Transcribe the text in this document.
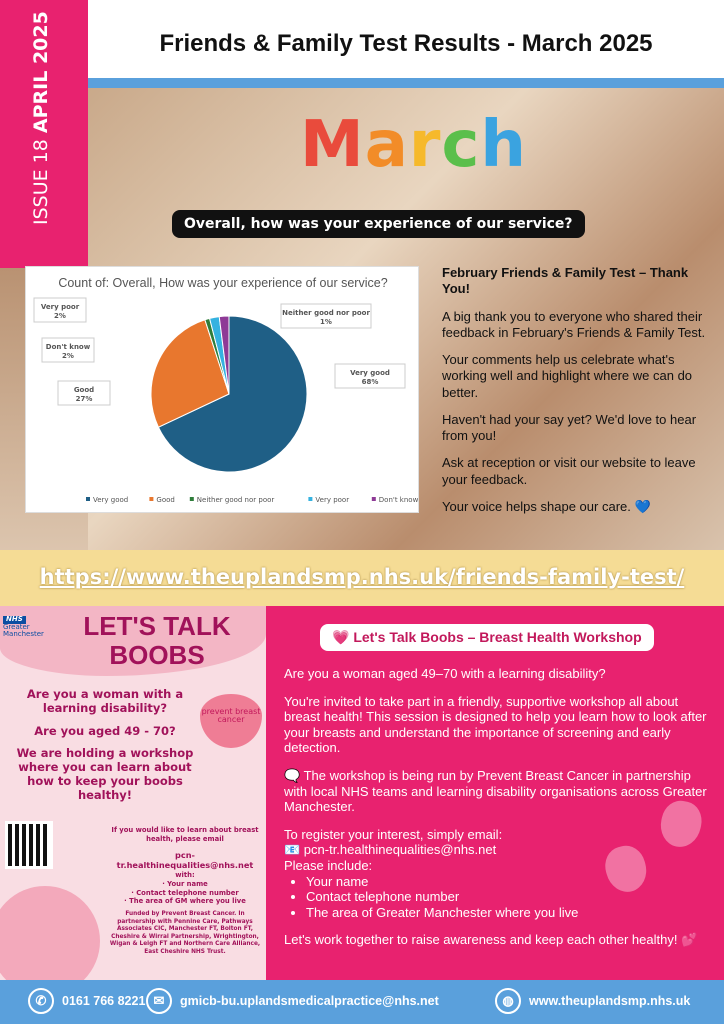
ISSUE 18 APRIL 2025	Friends & Family Test Results - March 2025
March
Overall, how was your experience of our service?
Count of: Overall, How was your experience of our service?
Very good
68%
Good
27%
Neither good nor poor
1%
Very poor
2%
Don't know
2%
Very good	Good	Neither good nor poor	Very poor	Don't know

February Friends & Family Test – Thank You!

A big thank you to everyone who shared their feedback in February's Friends & Family Test.

Your comments help us celebrate what's working well and highlight where we can do better.

Haven't had your say yet? We'd love to hear from you!

Ask at reception or visit our website to leave your feedback.

Your voice helps shape our care. 💙

https://www.theuplandsmp.nhs.uk/friends-family-test/
NHS
Greater Manchester	LET'S TALK
BOOBS

Are you a woman with a learning disability?

Are you aged 49 - 70?

We are holding a workshop where you can learn about how to keep your boobs healthy!

prevent breast cancer

If you would like to learn about breast health, please email

pcn-tr.healthinequalities@nhs.net

with:

· Your name

· Contact telephone number

· The area of GM where you live

Funded by Prevent Breast Cancer. In partnership with Pennine Care, Pathways Associates CIC, Manchester FT, Bolton FT, Cheshire & Wirral Partnership, Wrightington, Wigan & Leigh FT and Northern Care Alliance, East Cheshire NHS Trust.

💗 Let's Talk Boobs – Breast Health Workshop

Are you a woman aged 49–70 with a learning disability?

You're invited to take part in a friendly, supportive workshop all about breast health! This session is designed to help you learn how to look after your breasts and understand the importance of screening and early detection.

🗨️ The workshop is being run by Prevent Breast Cancer in partnership with local NHS teams and learning disability organisations across Greater Manchester.

To register your interest, simply email:
📧 pcn-tr.healthinequalities@nhs.net
Please include:
• Your name
• Contact telephone number
• The area of Greater Manchester where you live

Let's work together to raise awareness and keep each other healthy! 💕

✆	0161 766 8221 ✉	gmicb-bu.uplandsmedicalpractice@nhs.net	◍	www.theuplandsmp.nhs.uk
